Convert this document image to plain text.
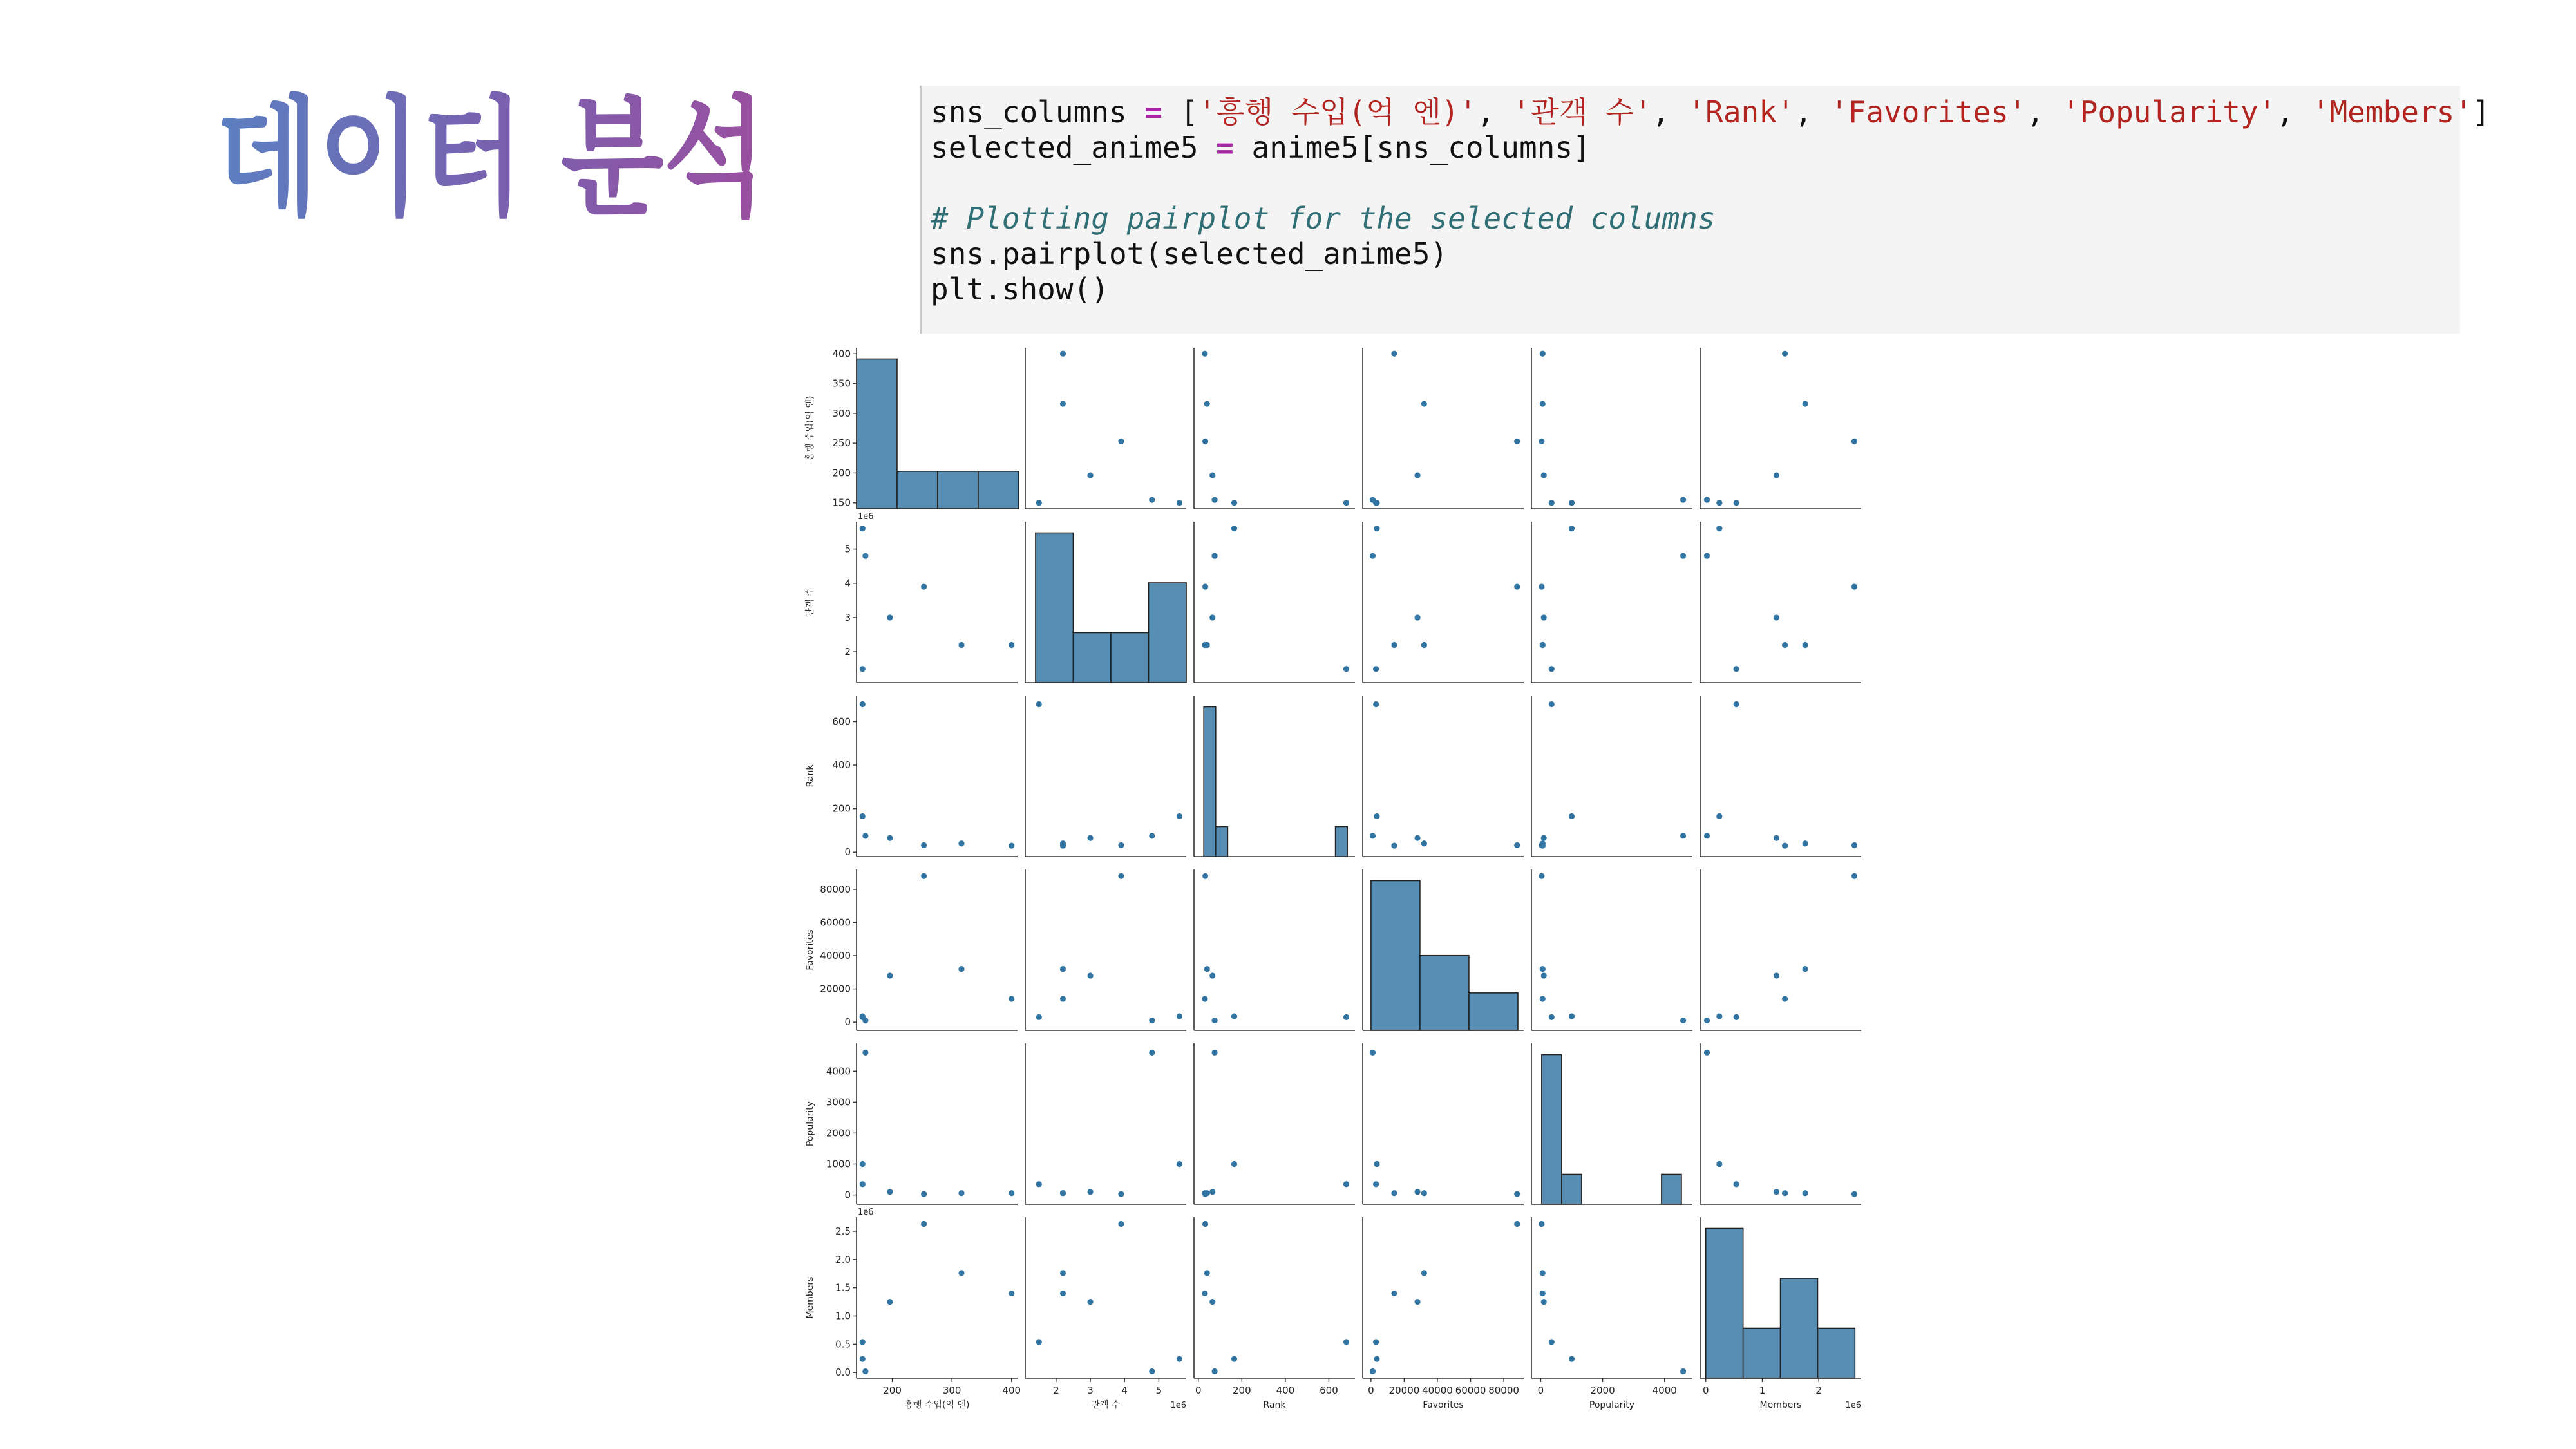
데이터 분석	sns_columns = ['흥행 수입(억 엔)', '관객 수', 'Rank', 'Favorites', 'Popularity', 'Members']
selected_anime5 = anime5[sns_columns]

# Plotting pairplot for the selected columns
sns.pairplot(selected_anime5)
plt.show()
150
200
250
300
350
400
흥행 수입(억 엔)
2
3
4
5
관객 수
1e6
0
200
400
600
Rank
0
20000
40000
60000
80000
Favorites
0
1000
2000
3000
4000
Popularity
0.0
0.5
1.0
1.5
2.0
2.5
Members
1e6
200	300	400
흥행 수입(억 엔)
2	3	4	5
관객 수	1e6
0	200	400	600
Rank
0 20000 40000 60000 80000
Favorites
0	2000	4000
Popularity
0	1	2
Members	1e6
